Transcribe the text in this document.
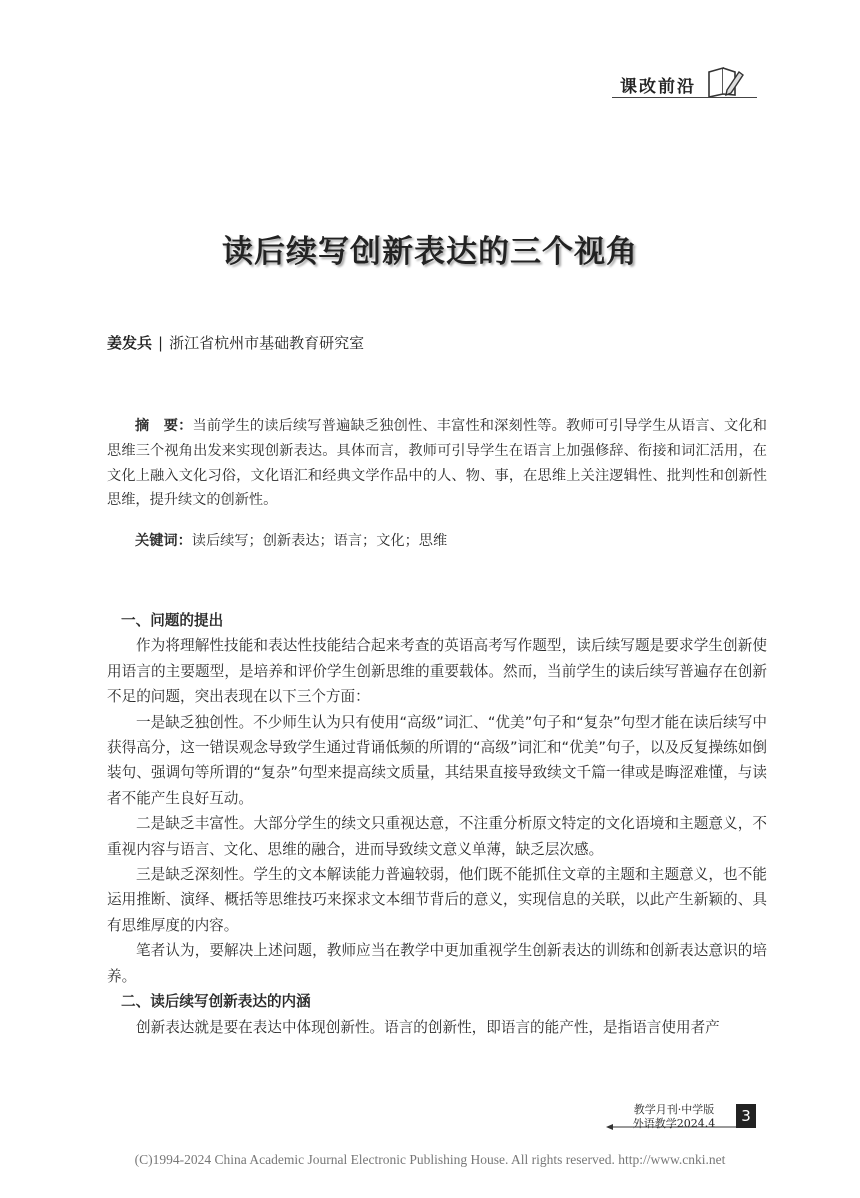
课改前沿
读后续写创新表达的三个视角
姜发兵 | 浙江省杭州市基础教育研究室
摘　要：当前学生的读后续写普遍缺乏独创性、丰富性和深刻性等。教师可引导学生从语言、文化和思维三个视角出发来实现创新表达。具体而言，教师可引导学生在语言上加强修辞、衔接和词汇活用，在文化上融入文化习俗，文化语汇和经典文学作品中的人、物、事，在思维上关注逻辑性、批判性和创新性思维，提升续文的创新性。
关键词：读后续写；创新表达；语言；文化；思维
一、问题的提出

作为将理解性技能和表达性技能结合起来考查的英语高考写作题型，读后续写题是要求学生创新使用语言的主要题型，是培养和评价学生创新思维的重要载体。然而，当前学生的读后续写普遍存在创新不足的问题，突出表现在以下三个方面：

一是缺乏独创性。不少师生认为只有使用“高级”词汇、“优美”句子和“复杂”句型才能在读后续写中获得高分，这一错误观念导致学生通过背诵低频的所谓的“高级”词汇和“优美”句子，以及反复操练如倒装句、强调句等所谓的“复杂”句型来提高续文质量，其结果直接导致续文千篇一律或是晦涩难懂，与读者不能产生良好互动。

二是缺乏丰富性。大部分学生的续文只重视达意，不注重分析原文特定的文化语境和主题意义，不重视内容与语言、文化、思维的融合，进而导致续文意义单薄，缺乏层次感。

三是缺乏深刻性。学生的文本解读能力普遍较弱，他们既不能抓住文章的主题和主题意义，也不能运用推断、演绎、概括等思维技巧来探求文本细节背后的意义，实现信息的关联，以此产生新颖的、具有思维厚度的内容。

笔者认为，要解决上述问题，教师应当在教学中更加重视学生创新表达的训练和创新表达意识的培养。

二、读后续写创新表达的内涵

创新表达就是要在表达中体现创新性。语言的创新性，即语言的能产性，是指语言使用者产

教学月刊·中学版
外语教学2024.4	3
(C)1994-2024 China Academic Journal Electronic Publishing House. All rights reserved. http://www.cnki.net
